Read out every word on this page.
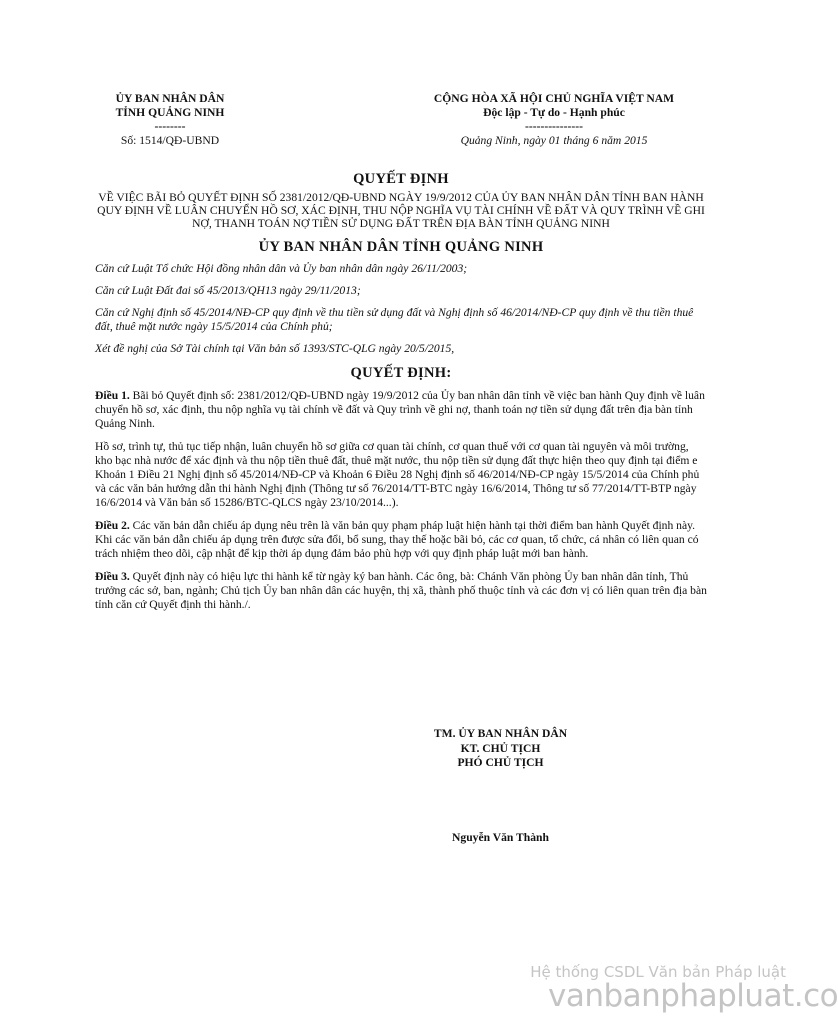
ỦY BAN NHÂN DÂN
TỈNH QUẢNG NINH
--------
Số: 1514/QĐ-UBND
CỘNG HÒA XÃ HỘI CHỦ NGHĨA VIỆT NAM
Độc lập - Tự do - Hạnh phúc
---------------
Quảng Ninh, ngày 01 tháng 6 năm 2015
QUYẾT ĐỊNH
VỀ VIỆC BÃI BỎ QUYẾT ĐỊNH SỐ 2381/2012/QĐ-UBND NGÀY 19/9/2012 CỦA ỦY BAN NHÂN DÂN TỈNH BAN HÀNH QUY ĐỊNH VỀ LUÂN CHUYỂN HỒ SƠ, XÁC ĐỊNH, THU NỘP NGHĨA VỤ TÀI CHÍNH VỀ ĐẤT VÀ QUY TRÌNH VỀ GHI NỢ, THANH TOÁN NỢ TIỀN SỬ DỤNG ĐẤT TRÊN ĐỊA BÀN TỈNH QUẢNG NINH
ỦY BAN NHÂN DÂN TỈNH QUẢNG NINH

Căn cứ Luật Tổ chức Hội đồng nhân dân và Ủy ban nhân dân ngày 26/11/2003;

Căn cứ Luật Đất đai số 45/2013/QH13 ngày 29/11/2013;

Căn cứ Nghị định số 45/2014/NĐ-CP quy định về thu tiền sử dụng đất và Nghị định số 46/2014/NĐ-CP quy định về thu tiền thuê đất, thuê mặt nước ngày 15/5/2014 của Chính phủ;

Xét đề nghị của Sở Tài chính tại Văn bản số 1393/STC-QLG ngày 20/5/2015,

QUYẾT ĐỊNH:

Điều 1. Bãi bỏ Quyết định số: 2381/2012/QĐ-UBND ngày 19/9/2012 của Ủy ban nhân dân tỉnh về việc ban hành Quy định về luân chuyển hồ sơ, xác định, thu nộp nghĩa vụ tài chính về đất và Quy trình về ghi nợ, thanh toán nợ tiền sử dụng đất trên địa bàn tỉnh Quảng Ninh.

Hồ sơ, trình tự, thủ tục tiếp nhận, luân chuyển hồ sơ giữa cơ quan tài chính, cơ quan thuế với cơ quan tài nguyên và môi trường, kho bạc nhà nước để xác định và thu nộp tiền thuê đất, thuê mặt nước, thu nộp tiền sử dụng đất thực hiện theo quy định tại điểm e Khoản 1 Điều 21 Nghị định số 45/2014/NĐ-CP và Khoản 6 Điều 28 Nghị định số 46/2014/NĐ-CP ngày 15/5/2014 của Chính phủ và các văn bản hướng dẫn thi hành Nghị định (Thông tư số 76/2014/TT-BTC ngày 16/6/2014, Thông tư số 77/2014/TT-BTP ngày 16/6/2014 và Văn bản số 15286/BTC-QLCS ngày 23/10/2014...).

Điều 2. Các văn bản dẫn chiếu áp dụng nêu trên là văn bản quy phạm pháp luật hiện hành tại thời điểm ban hành Quyết định này. Khi các văn bản dẫn chiếu áp dụng trên được sửa đổi, bổ sung, thay thế hoặc bãi bỏ, các cơ quan, tổ chức, cá nhân có liên quan có trách nhiệm theo dõi, cập nhật để kịp thời áp dụng đảm bảo phù hợp với quy định pháp luật mới ban hành.

Điều 3. Quyết định này có hiệu lực thi hành kể từ ngày ký ban hành. Các ông, bà: Chánh Văn phòng Ủy ban nhân dân tỉnh, Thủ trưởng các sở, ban, ngành; Chủ tịch Ủy ban nhân dân các huyện, thị xã, thành phố thuộc tỉnh và các đơn vị có liên quan trên địa bàn tỉnh căn cứ Quyết định thi hành./.

TM. ỦY BAN NHÂN DÂN
KT. CHỦ TỊCH
PHÓ CHỦ TỊCH
Nguyễn Văn Thành
Hệ thống CSDL Văn bản Pháp luật
vanbanphapluat.co
